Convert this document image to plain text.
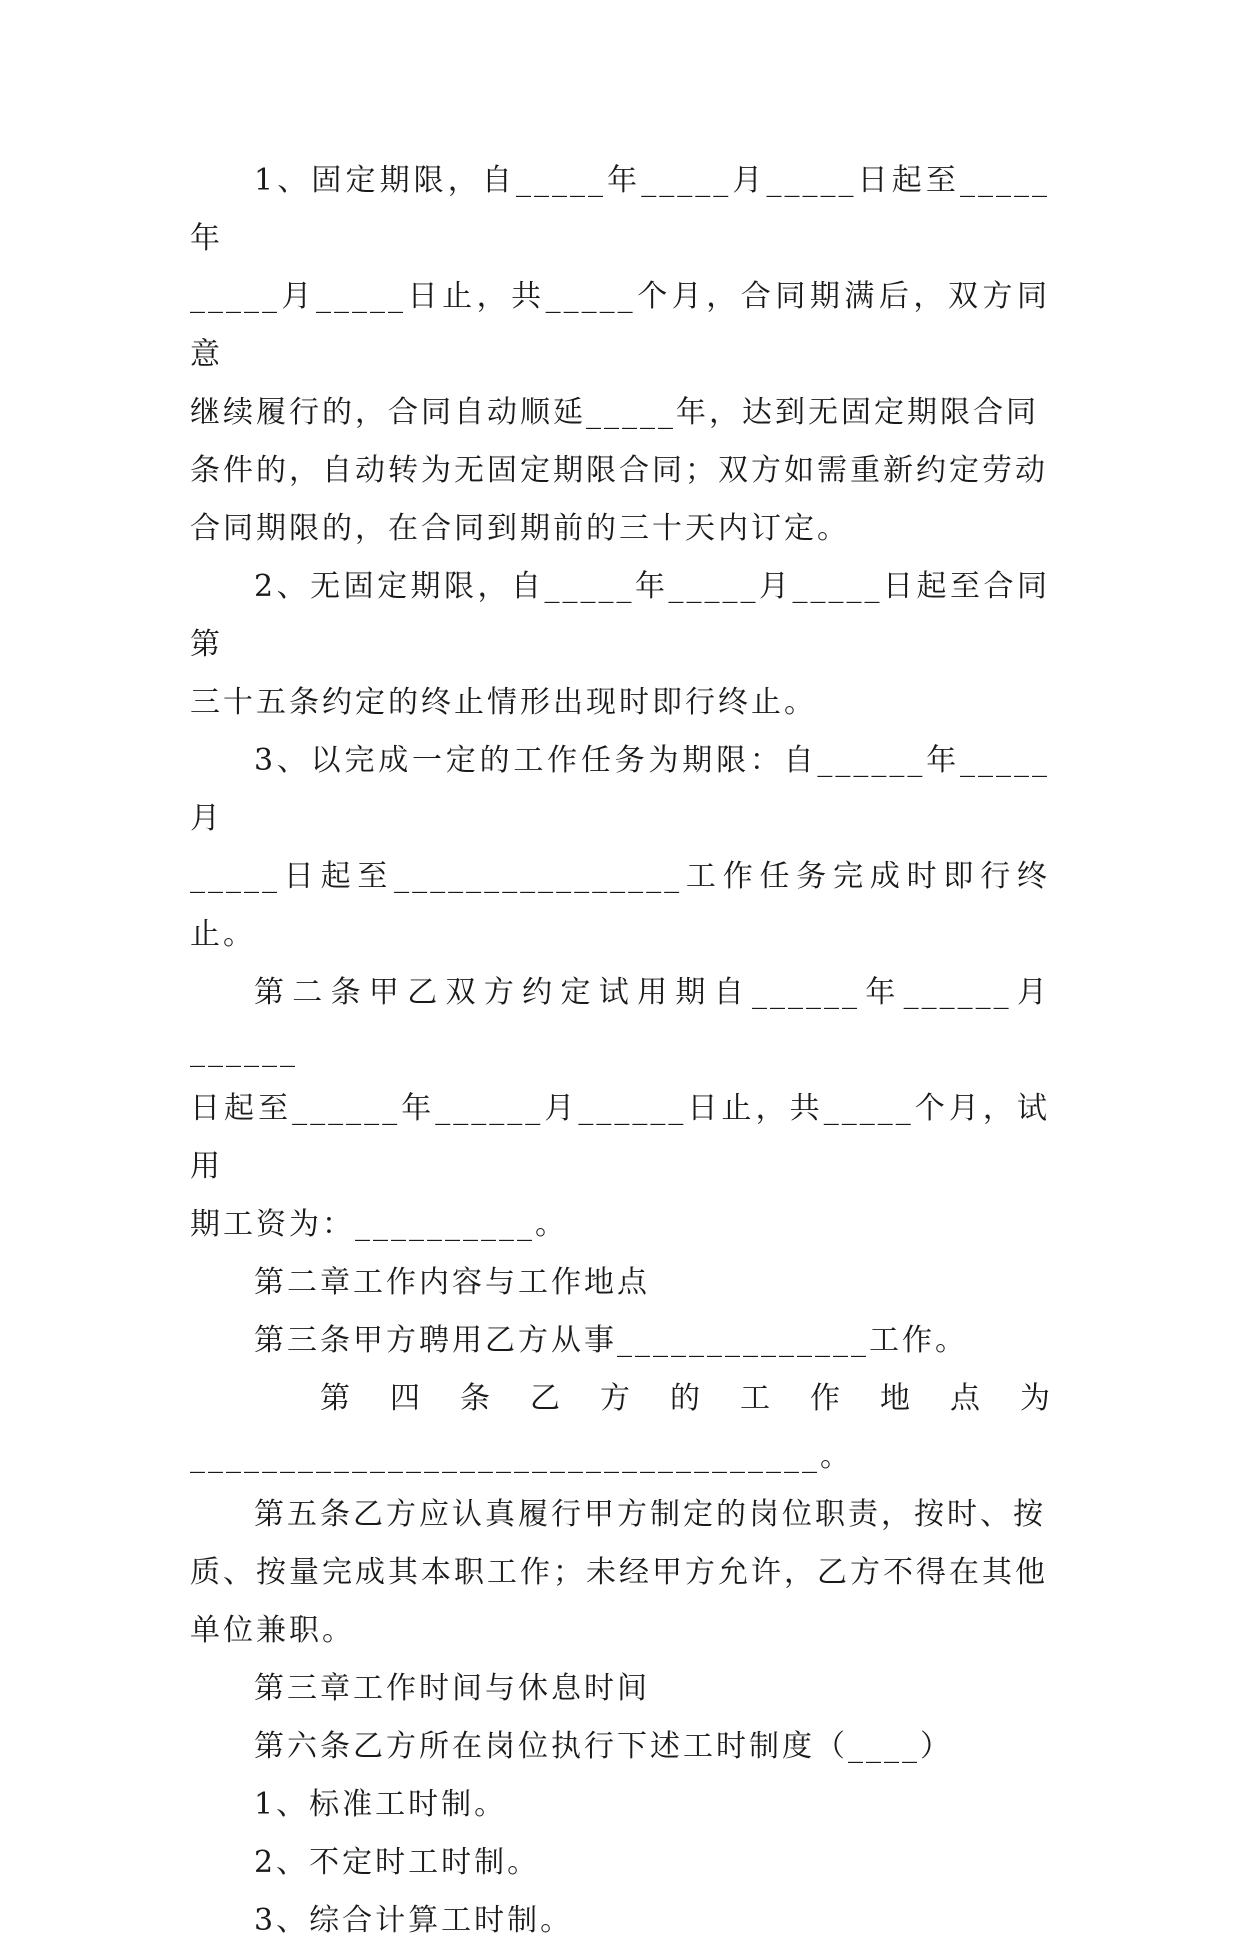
1、固定期限，自_____年_____月_____日起至_____年
_____月_____日止，共_____个月，合同期满后，双方同意
继续履行的，合同自动顺延_____年，达到无固定期限合同
条件的，自动转为无固定期限合同；双方如需重新约定劳动
合同期限的，在合同到期前的三十天内订定。

2、无固定期限，自_____年_____月_____日起至合同第
三十五条约定的终止情形出现时即行终止。

3、以完成一定的工作任务为期限：自______年_____月
_____日起至________________工作任务完成时即行终止。

第二条甲乙双方约定试用期自______年______月______
日起至______年______月______日止，共_____个月，试用
期工资为：__________。

第二章工作内容与工作地点

第三条甲方聘用乙方从事______________工作。

第四条乙方的工作地点为
___________________________________。

第五条乙方应认真履行甲方制定的岗位职责，按时、按
质、按量完成其本职工作；未经甲方允许，乙方不得在其他
单位兼职。

第三章工作时间与休息时间

第六条乙方所在岗位执行下述工时制度（____）

1、标准工时制。

2、不定时工时制。

3、综合计算工时制。
